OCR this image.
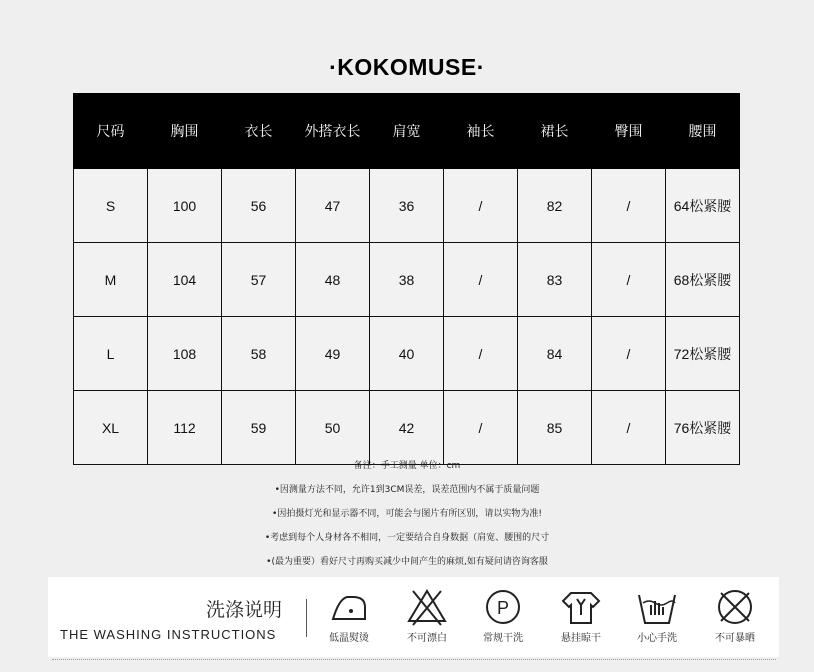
·KOKOMUSE·
尺码	胸围	衣长	外搭衣长	肩宽	袖长	裙长	臀围	腰围
S	100	56	47	36	/	82	/	64松紧腰
M	104	57	48	38	/	83	/	68松紧腰
L	108	58	49	40	/	84	/	72松紧腰
XL	112	59	50	42	/	85	/	76松紧腰
备注：手工测量 单位：cm
•因测量方法不同，允许1到3CM误差，误差范围内不属于质量问题
•因拍摄灯光和显示器不同，可能会与图片有所区别，请以实物为准!
•考虑到每个人身材各不相同，一定要结合自身数据（肩宽、腰围的尺寸
•(最为重要）看好尺寸再购买减少中间产生的麻烦,如有疑问请咨询客服
洗涤说明
THE WASHING INSTRUCTIONS	低温熨烫	不可漂白
P
常规干洗	悬挂晾干	小心手洗	不可暴晒
